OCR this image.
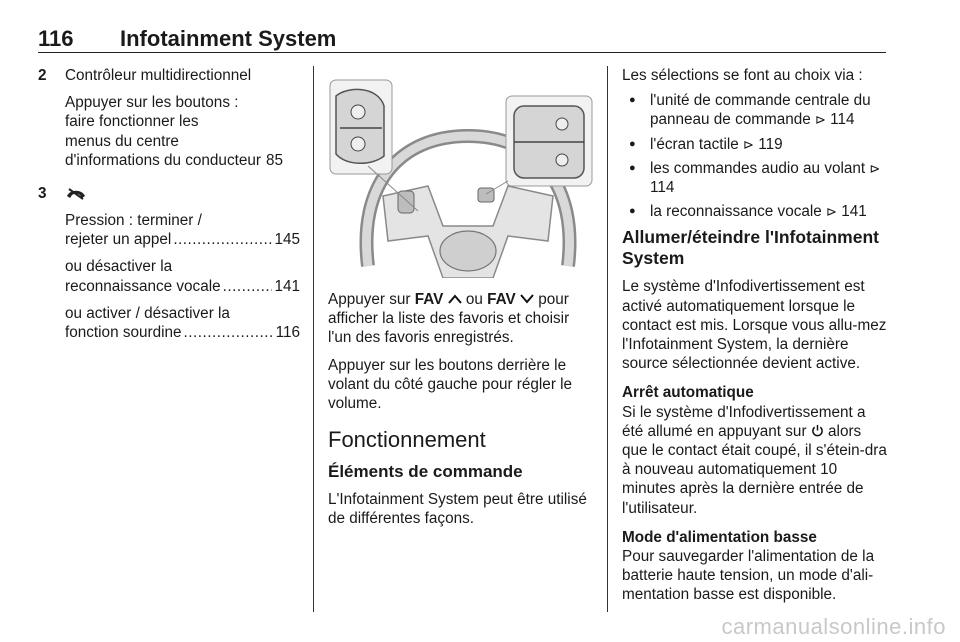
116 Infotainment System
2 Contrôleur multidirectionnel
Appuyer sur les boutons :
faire fonctionner les
menus du centre
d'informations du conducteur 85
3
Pression : terminer /
rejeter un appel .....	145
ou désactiver la
reconnaissance vocale .....	141
ou activer / désactiver la
fonction sourdine .....	116
Appuyer sur FAV  ou FAV  pour afficher la liste des favoris et choisir l'un des favoris enregistrés.
Appuyer sur les boutons derrière le volant du côté gauche pour régler le volume.
Fonctionnement
Éléments de commande
L'Infotainment System peut être utilisé de différentes façons.
Les sélections se font au choix via :
● l'unité de commande centrale du panneau de commande ⊳ 114
● l'écran tactile ⊳ 119
● les commandes audio au volant ⊳ 114
● la reconnaissance vocale ⊳ 141
Allumer/éteindre l'Infotainment System
Le système d'Infodivertissement est activé automatiquement lorsque le contact est mis. Lorsque vous allu-mez l'Infotainment System, la dernière source sélectionnée devient active.
Arrêt automatique
Si le système d'Infodivertissement a été allumé en appuyant sur  alors que le contact était coupé, il s'étein-dra à nouveau automatiquement 10 minutes après la dernière entrée de l'utilisateur.
Mode d'alimentation basse
Pour sauvegarder l'alimentation de la batterie haute tension, un mode d'ali-mentation basse est disponible.
carmanualsonline.info
